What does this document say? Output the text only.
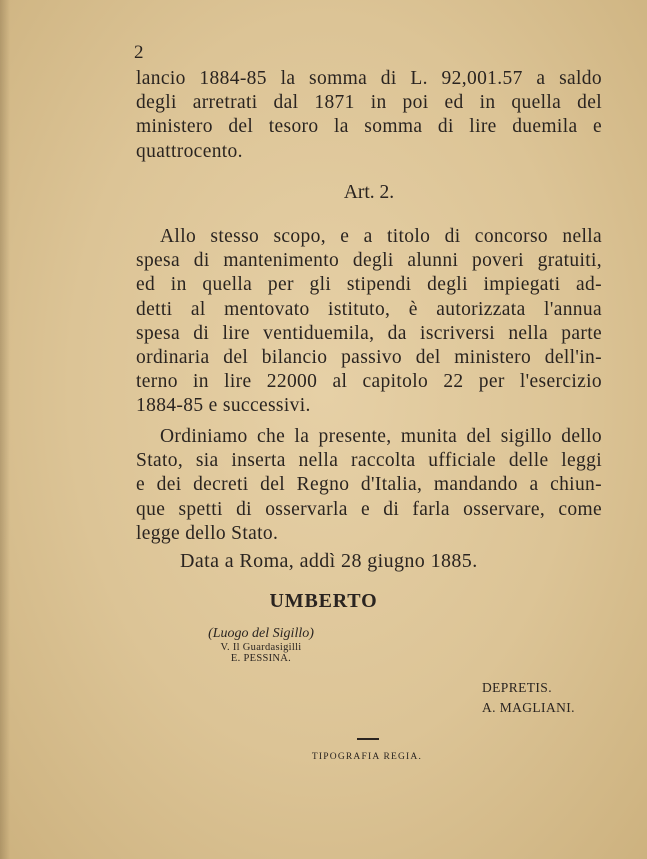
2
lancio 1884-85 la somma di L. 92,001.57 a saldo
degli arretrati dal 1871 in poi ed in quella del
ministero del tesoro la somma di lire duemila e
quattrocento.
Art. 2.
Allo stesso scopo, e a titolo di concorso nella
spesa di mantenimento degli alunni poveri gratuiti,
ed in quella per gli stipendi degli impiegati ad-
detti al mentovato istituto, è autorizzata l'annua
spesa di lire ventiduemila, da iscriversi nella parte
ordinaria del bilancio passivo del ministero dell'in-
terno in lire 22000 al capitolo 22 per l'esercizio
1884-85 e successivi.
Ordiniamo che la presente, munita del sigillo dello
Stato, sia inserta nella raccolta ufficiale delle leggi
e dei decreti del Regno d'Italia, mandando a chiun-
que spetti di osservarla e di farla osservare, come
legge dello Stato.
Data a Roma, addì 28 giugno 1885.
UMBERTO
(Luogo del Sigillo)
V. Il Guardasigilli
E. PESSINA.
DEPRETIS.
A. MAGLIANI.
TIPOGRAFIA REGIA.
